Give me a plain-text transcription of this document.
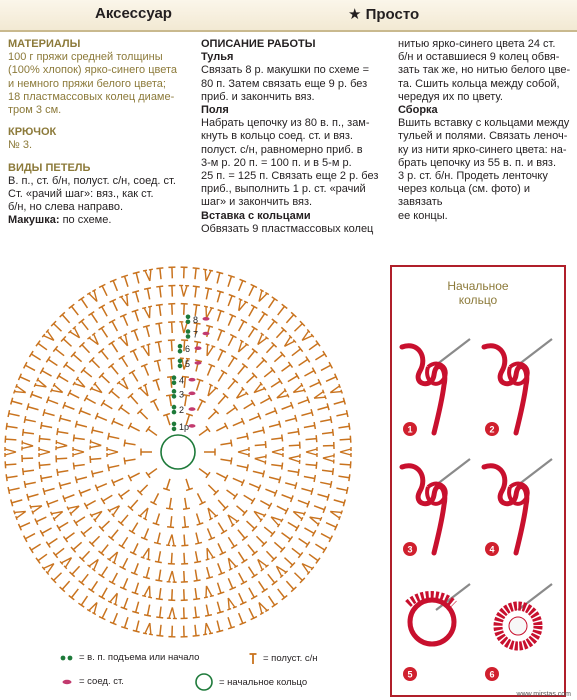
Аксессуар	★ Просто
МАТЕРИАЛЫ
100 г пряжи средней толщины
(100% хлопок) ярко-синего цвета
и немного пряжи белого цвета;
18 пластмассовых колец диаме-
тром 3 см.
КРЮЧОК
№ 3.
ВИДЫ ПЕТЕЛЬ
В. п., ст. б/н, полуст. с/н, соед. ст.
Ст. «рачий шаг»: вяз., как ст.
б/н, но слева направо.
Макушка: по схеме.
ОПИСАНИЕ РАБОТЫ
Тулья
Связать 8 р. макушки по схеме =
80 п. Затем связать еще 9 р. без
приб. и закончить вяз.
Поля
Набрать цепочку из 80 в. п., зам-
кнуть в кольцо соед. ст. и вяз.
полуст. с/н, равномерно приб. в
3-м р. 20 п. = 100 п. и в 5-м р.
25 п. = 125 п. Связать еще 2 р. без
приб., выполнить 1 р. ст. «рачий
шаг» и закончить вяз.
Вставка с кольцами
Обвязать 9 пластмассовых колец
нитью ярко-синего цвета 24 ст.
б/н и оставшиеся 9 колец обвя-
зать так же, но нитью белого цве-
та. Сшить кольца между собой,
чередуя их по цвету.
Сборка
Вшить вставку с кольцами между
тульей и полями. Связать леноч-
ку из нити ярко-синего цвета: на-
брать цепочку из 55 в. п. и вяз.
3 р. ст. б/н. Продеть ленточку
через кольца (см. фото) и завязать
ее концы.
1р
2
3
4
5
6
7
8
Начальное
кольцо
1	2
3	4
5	6
= в. п. подъема или начало	= полуст. с/н
= соед. ст.	= начальное кольцо
www.mirstas.com
